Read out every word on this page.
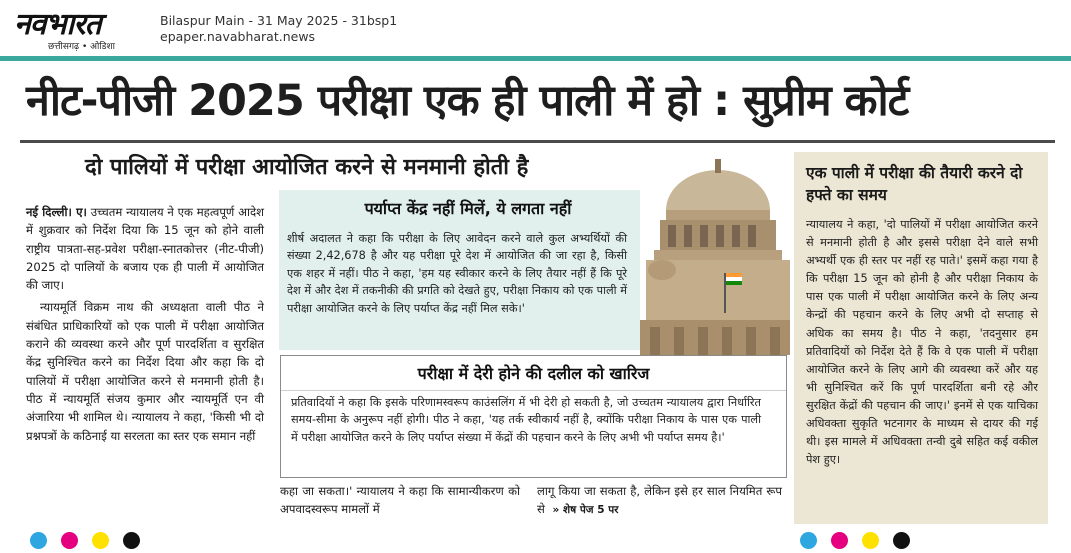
नवभारत
छत्तीसगढ़ • ओडिशा
Bilaspur Main - 31 May 2025 - 31bsp1
epaper.navabharat.news
नीट-पीजी 2025 परीक्षा एक ही पाली में हो : सुप्रीम कोर्ट
दो पालियों में परीक्षा आयोजित करने से मनमानी होती है

नई दिल्ली। ए। उच्चतम न्यायालय ने एक महत्वपूर्ण आदेश में शुक्रवार को निर्देश दिया कि 15 जून को होने वाली राष्ट्रीय पात्रता-सह-प्रवेश परीक्षा-स्नातकोत्तर (नीट-पीजी) 2025 दो पालियों के बजाय एक ही पाली में आयोजित की जाए।

न्यायमूर्ति विक्रम नाथ की अध्यक्षता वाली पीठ ने संबंधित प्राधिकारियों को एक पाली में परीक्षा आयोजित कराने की व्यवस्था करने और पूर्ण पारदर्शिता व सुरक्षित केंद्र सुनिश्चित करने का निर्देश दिया और कहा कि दो पालियों में परीक्षा आयोजित करने से मनमानी होती है। पीठ में न्यायमूर्ति संजय कुमार और न्यायमूर्ति एन वी अंजारिया भी शामिल थे। न्यायालय ने कहा, 'किसी भी दो प्रश्नपत्रों के कठिनाई या सरलता का स्तर एक समान नहीं

पर्याप्त केंद्र नहीं मिलें, ये लगता नहीं
शीर्ष अदालत ने कहा कि परीक्षा के लिए आवेदन करने वाले कुल अभ्यर्थियों की संख्या 2,42,678 है और यह परीक्षा पूरे देश में आयोजित की जा रहा है, किसी एक शहर में नहीं। पीठ ने कहा, 'हम यह स्वीकार करने के लिए तैयार नहीं हैं कि पूरे देश में और देश में तकनीकी की प्रगति को देखते हुए, परीक्षा निकाय को एक पाली में परीक्षा आयोजित करने के लिए पर्याप्त केंद्र नहीं मिल सके।'
परीक्षा में देरी होने की दलील को खारिज
प्रतिवादियों ने कहा कि इसके परिणामस्वरूप काउंसलिंग में भी देरी हो सकती है, जो उच्चतम न्यायालय द्वारा निर्धारित समय-सीमा के अनुरूप नहीं होगी। पीठ ने कहा, 'यह तर्क स्वीकार्य नहीं है, क्योंकि परीक्षा निकाय के पास एक पाली में परीक्षा आयोजित करने के लिए पर्याप्त संख्या में केंद्रों की पहचान करने के लिए अभी भी पर्याप्त समय है।'
कहा जा सकता।' न्यायालय ने कहा कि सामान्यीकरण को अपवादस्वरूप मामलों में
लागू किया जा सकता है, लेकिन इसे हर साल नियमित रूप से » शेष पेज 5 पर
एक पाली में परीक्षा की तैयारी करने दो हफ्ते का समय
न्यायालय ने कहा, 'दो पालियों में परीक्षा आयोजित करने से मनमानी होती है और इससे परीक्षा देने वाले सभी अभ्यर्थी एक ही स्तर पर नहीं रह पाते।' इसमें कहा गया है कि परीक्षा 15 जून को होनी है और परीक्षा निकाय के पास एक पाली में परीक्षा आयोजित करने के लिए अन्य केन्द्रों की पहचान करने के लिए अभी दो सप्ताह से अधिक का समय है। पीठ ने कहा, 'तदनुसार हम प्रतिवादियों को निर्देश देते हैं कि वे एक पाली में परीक्षा आयोजित करने के लिए आगे की व्यवस्था करें और यह भी सुनिश्चित करें कि पूर्ण पारदर्शिता बनी रहे और सुरक्षित केंद्रों की पहचान की जाए।' इनमें से एक याचिका अधिवक्ता सुकृति भटनागर के माध्यम से दायर की गई थी। इस मामले में अधिवक्ता तन्वी दुबे सहित कई वकील पेश हुए।
